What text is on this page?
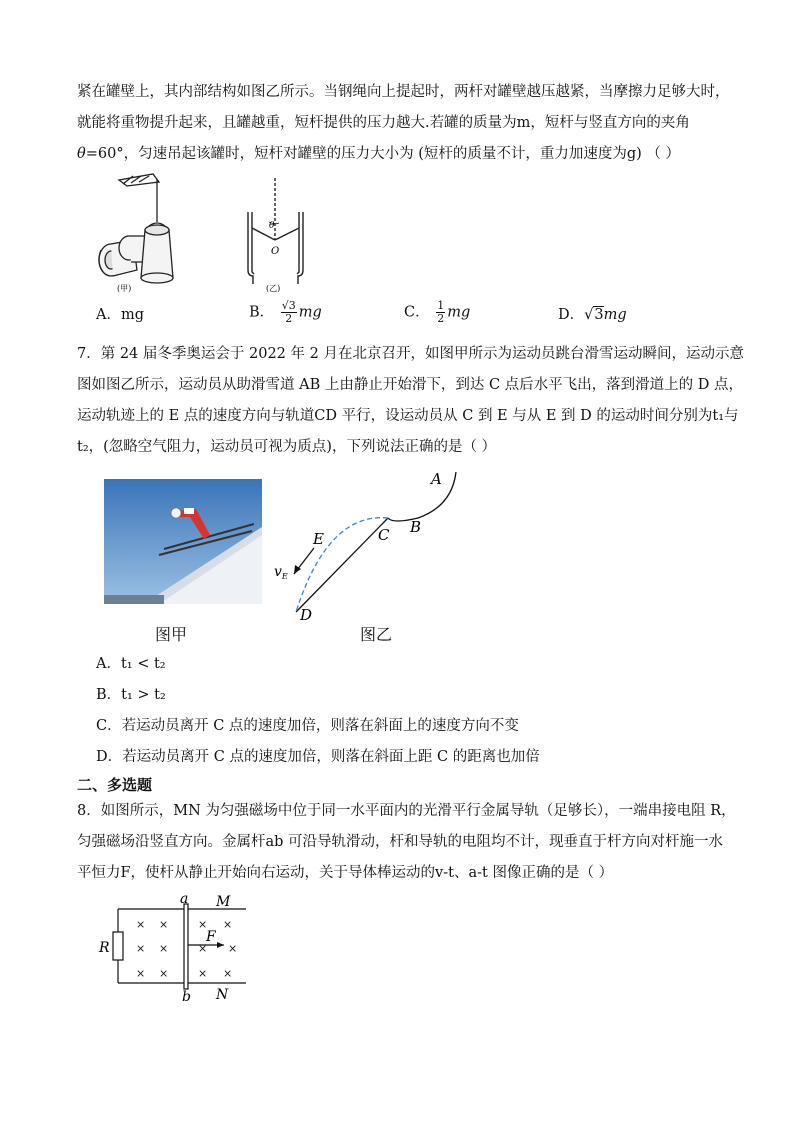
紧在罐壁上，其内部结构如图乙所示。当钢绳向上提起时，两杆对罐壁越压越紧，当摩擦力足够大时，
就能将重物提升起来，且罐越重，短杆提供的压力越大.若罐的质量为m，短杆与竖直方向的夹角
θ=60°，匀速吊起该罐时，短杆对罐壁的压力大小为 (短杆的质量不计，重力加速度为g) （ ）
(甲)
θ
O
(乙)
A．mg	B． $\frac{√3}{2}$ mg	C． $\frac{1}{2}$ mg	D．√3mg
7．第 24 届冬季奥运会于 2022 年 2 月在北京召开，如图甲所示为运动员跳台滑雪运动瞬间，运动示意
图如图乙所示，运动员从助滑雪道 AB 上由静止开始滑下，到达 C 点后水平飞出，落到滑道上的 D 点，
运动轨迹上的 E 点的速度方向与轨道CD 平行，设运动员从 C 到 E 与从 E 到 D 的运动时间分别为t₁与
t₂，(忽略空气阻力，运动员可视为质点)，下列说法正确的是（ ）
A
B
C
E
D
$v_E$
图甲	图乙
A．t₁ < t₂
B．t₁ > t₂
C．若运动员离开 C 点的速度加倍，则落在斜面上的速度方向不变
D．若运动员离开 C 点的速度加倍，则落在斜面上距 C 的距离也加倍
二、多选题
8．如图所示，MN 为匀强磁场中位于同一水平面内的光滑平行金属导轨（足够长），一端串接电阻 R，
匀强磁场沿竖直方向。金属杆ab 可沿导轨滑动，杆和导轨的电阻均不计，现垂直于杆方向对杆施一水
平恒力F，使杆从静止开始向右运动，关于导体棒运动的v-t、a-t 图像正确的是（ ）
× ×	× ×
× ×	× ×
× ×	× ×
a
b
M
N
R
F
